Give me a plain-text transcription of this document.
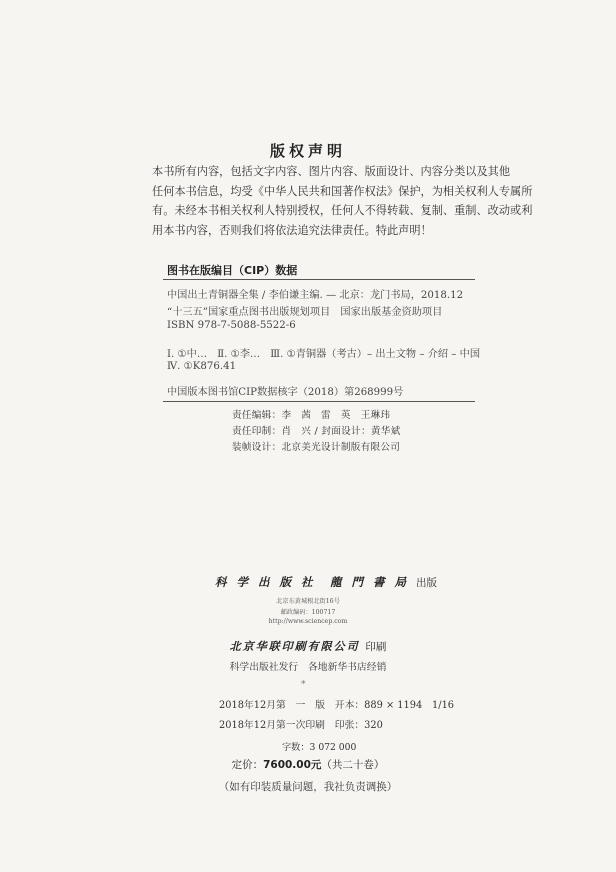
版权声明
本书所有内容，包括文字内容、图片内容、版面设计、内容分类以及其他
任何本书信息，均受《中华人民共和国著作权法》保护，为相关权利人专属所
有。未经本书相关权利人特别授权，任何人不得转载、复制、重制、改动或利
用本书内容，否则我们将依法追究法律责任。特此声明！
图书在版编目（CIP）数据
中国出土青铜器全集 / 李伯谦主编. — 北京：龙门书局，2018.12
“十三五”国家重点图书出版规划项目　国家出版基金资助项目
ISBN 978-7-5088-5522-6
Ⅰ. ①中…　Ⅱ. ①李…　Ⅲ. ①青铜器（考古）– 出土文物 – 介绍 – 中国
Ⅳ. ①K876.41
中国版本图书馆CIP数据核字（2018）第268999号
责任编辑：李　茜　雷　英　王琳玮
责任印制：肖　兴 / 封面设计：黄华斌
装帧设计：北京美光设计制版有限公司
科 学 出 版 社　龍 門 書 局 出版
北京东黄城根北街16号
邮政编码：100717
http://www.sciencep.com
北京华联印刷有限公司 印刷
科学出版社发行　各地新华书店经销
*
2018年12月第　一　版　开本：889 × 1194　1/16
2018年12月第一次印刷　印张：320
字数：3 072 000
定价：7600.00元（共二十卷）
（如有印装质量问题，我社负责调换）
